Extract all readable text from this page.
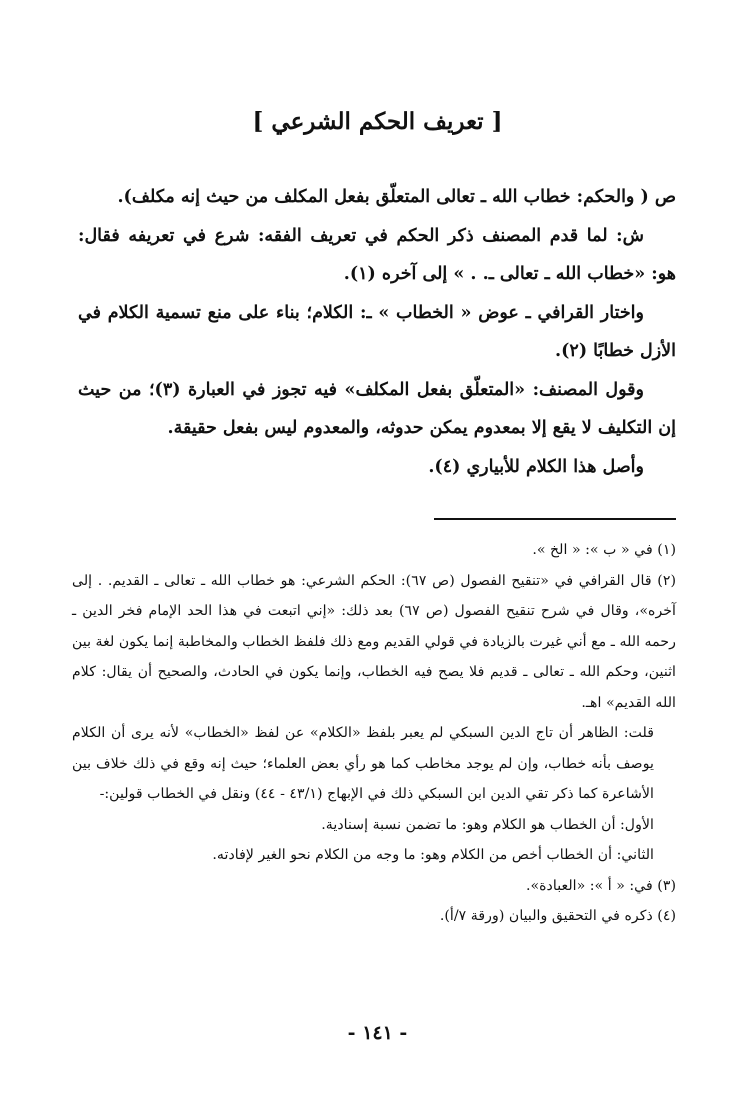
[ تعريف الحكم الشرعي ]

ص ( والحكم: خطاب الله ـ تعالى المتعلّق بفعل المكلف من حيث إنه مكلف).

ش: لما قدم المصنف ذكر الحكم في تعريف الفقه: شرع في تعريفه فقال: هو: «خطاب الله ـ تعالى ـ. . » إلى آخره (١).

واختار القرافي ـ عوض « الخطاب » ـ: الكلام؛ بناء على منع تسمية الكلام في الأزل خطابًا (٢).

وقول المصنف: «المتعلّق بفعل المكلف» فيه تجوز في العبارة (٣)؛ من حيث إن التكليف لا يقع إلا بمعدوم يمكن حدوثه، والمعدوم ليس بفعل حقيقة.

وأصل هذا الكلام للأبياري (٤).

(١) في « ب »: « الخ ».

(٢) قال القرافي في «تنقيح الفصول (ص ٦٧): الحكم الشرعي: هو خطاب الله ـ تعالى ـ القديم. . إلى آخره»، وقال في شرح تنقيح الفصول (ص ٦٧) بعد ذلك: «إني اتبعت في هذا الحد الإمام فخر الدين ـ رحمه الله ـ مع أني غيرت بالزيادة في قولي القديم ومع ذلك فلفظ الخطاب والمخاطبة إنما يكون لغة بين اثنين، وحكم الله ـ تعالى ـ قديم فلا يصح فيه الخطاب، وإنما يكون في الحادث، والصحيح أن يقال: كلام الله القديم» اهـ.

قلت: الظاهر أن تاج الدين السبكي لم يعبر بلفظ «الكلام» عن لفظ «الخطاب» لأنه يرى أن الكلام يوصف بأنه خطاب، وإن لم يوجد مخاطب كما هو رأي بعض العلماء؛ حيث إنه وقع في ذلك خلاف بين الأشاعرة كما ذكر تقي الدين ابن السبكي ذلك في الإبهاج (٤٣/١ - ٤٤) ونقل في الخطاب قولين:-

الأول: أن الخطاب هو الكلام وهو: ما تضمن نسبة إسنادية.

الثاني: أن الخطاب أخص من الكلام وهو: ما وجه من الكلام نحو الغير لإفادته.

(٣) في: « أ »: «العبادة».

(٤) ذكره في التحقيق والبيان (ورقة ٧/أ).

- ١٤١ -
